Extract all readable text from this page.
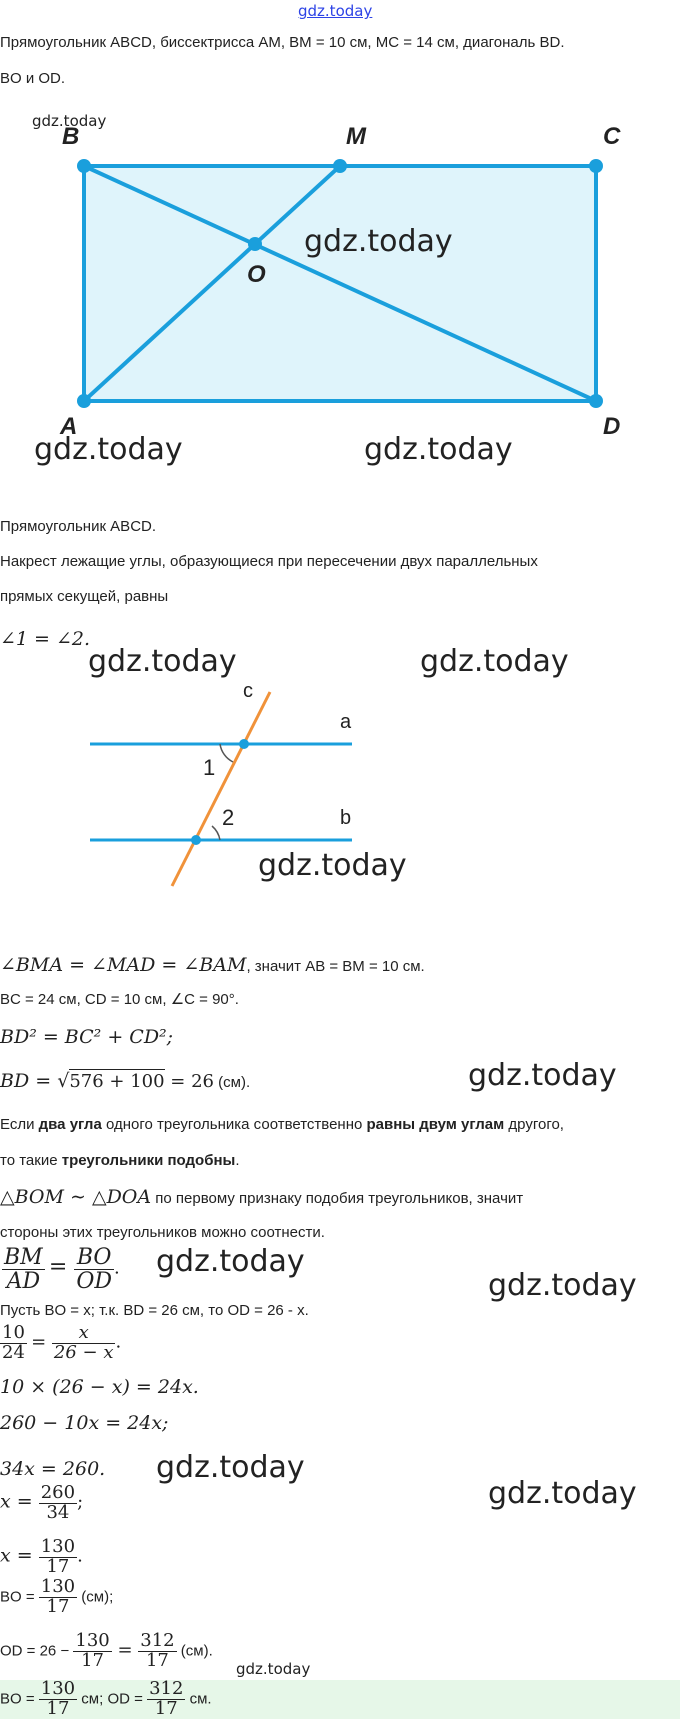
gdz.today
Прямоугольник ABCD, биссектрисса AM, BM = 10 см, MC = 14 см, диагональ BD.
BO и OD.
B	M	C
O
A	D
gdz.today
gdz.today
gdz.today	gdz.today
Прямоугольник ABCD.
Накрест лежащие углы, образующиеся при пересечении двух параллельных
прямых секущей, равны
∠1 = ∠2.
gdz.today	gdz.today
c
a
b
1
2
gdz.today
∠BMA = ∠MAD = ∠BAM, значит AB = BM = 10 см.
BC = 24 см, CD = 10 см, ∠C = 90°.
BD² = BC² + CD²;
BD = √576 + 100 = 26 (см).	gdz.today
Если два угла одного треугольника соответственно равны двум углам другого,
то такие треугольники подобны.
△BOM ∼ △DOA по первому признаку подобия треугольников, значит
стороны этих треугольников можно соотнести.
$\frac{BM}{AD} = \frac{BO}{OD}$ . gdz.today
gdz.today
Пусть BO = x; т.к. BD = 26 см, то OD = 26 - x.
$\frac{10}{24} = \frac{x}{26 - x}$ .
10 × (26 − x) = 24x.
260 − 10x = 24x;
34x = 260. gdz.today
gdz.today
$x = \frac{260}{34}$ ;
$x = \frac{130}{17}$ .
BO = $\frac{130}{17} (см)$;
OD = $26 - \frac{130}{17} = \frac{312}{17} (см)$.
gdz.today
BO = $\frac{130}{17}$ см; OD = $\frac{312}{17}$ см.
